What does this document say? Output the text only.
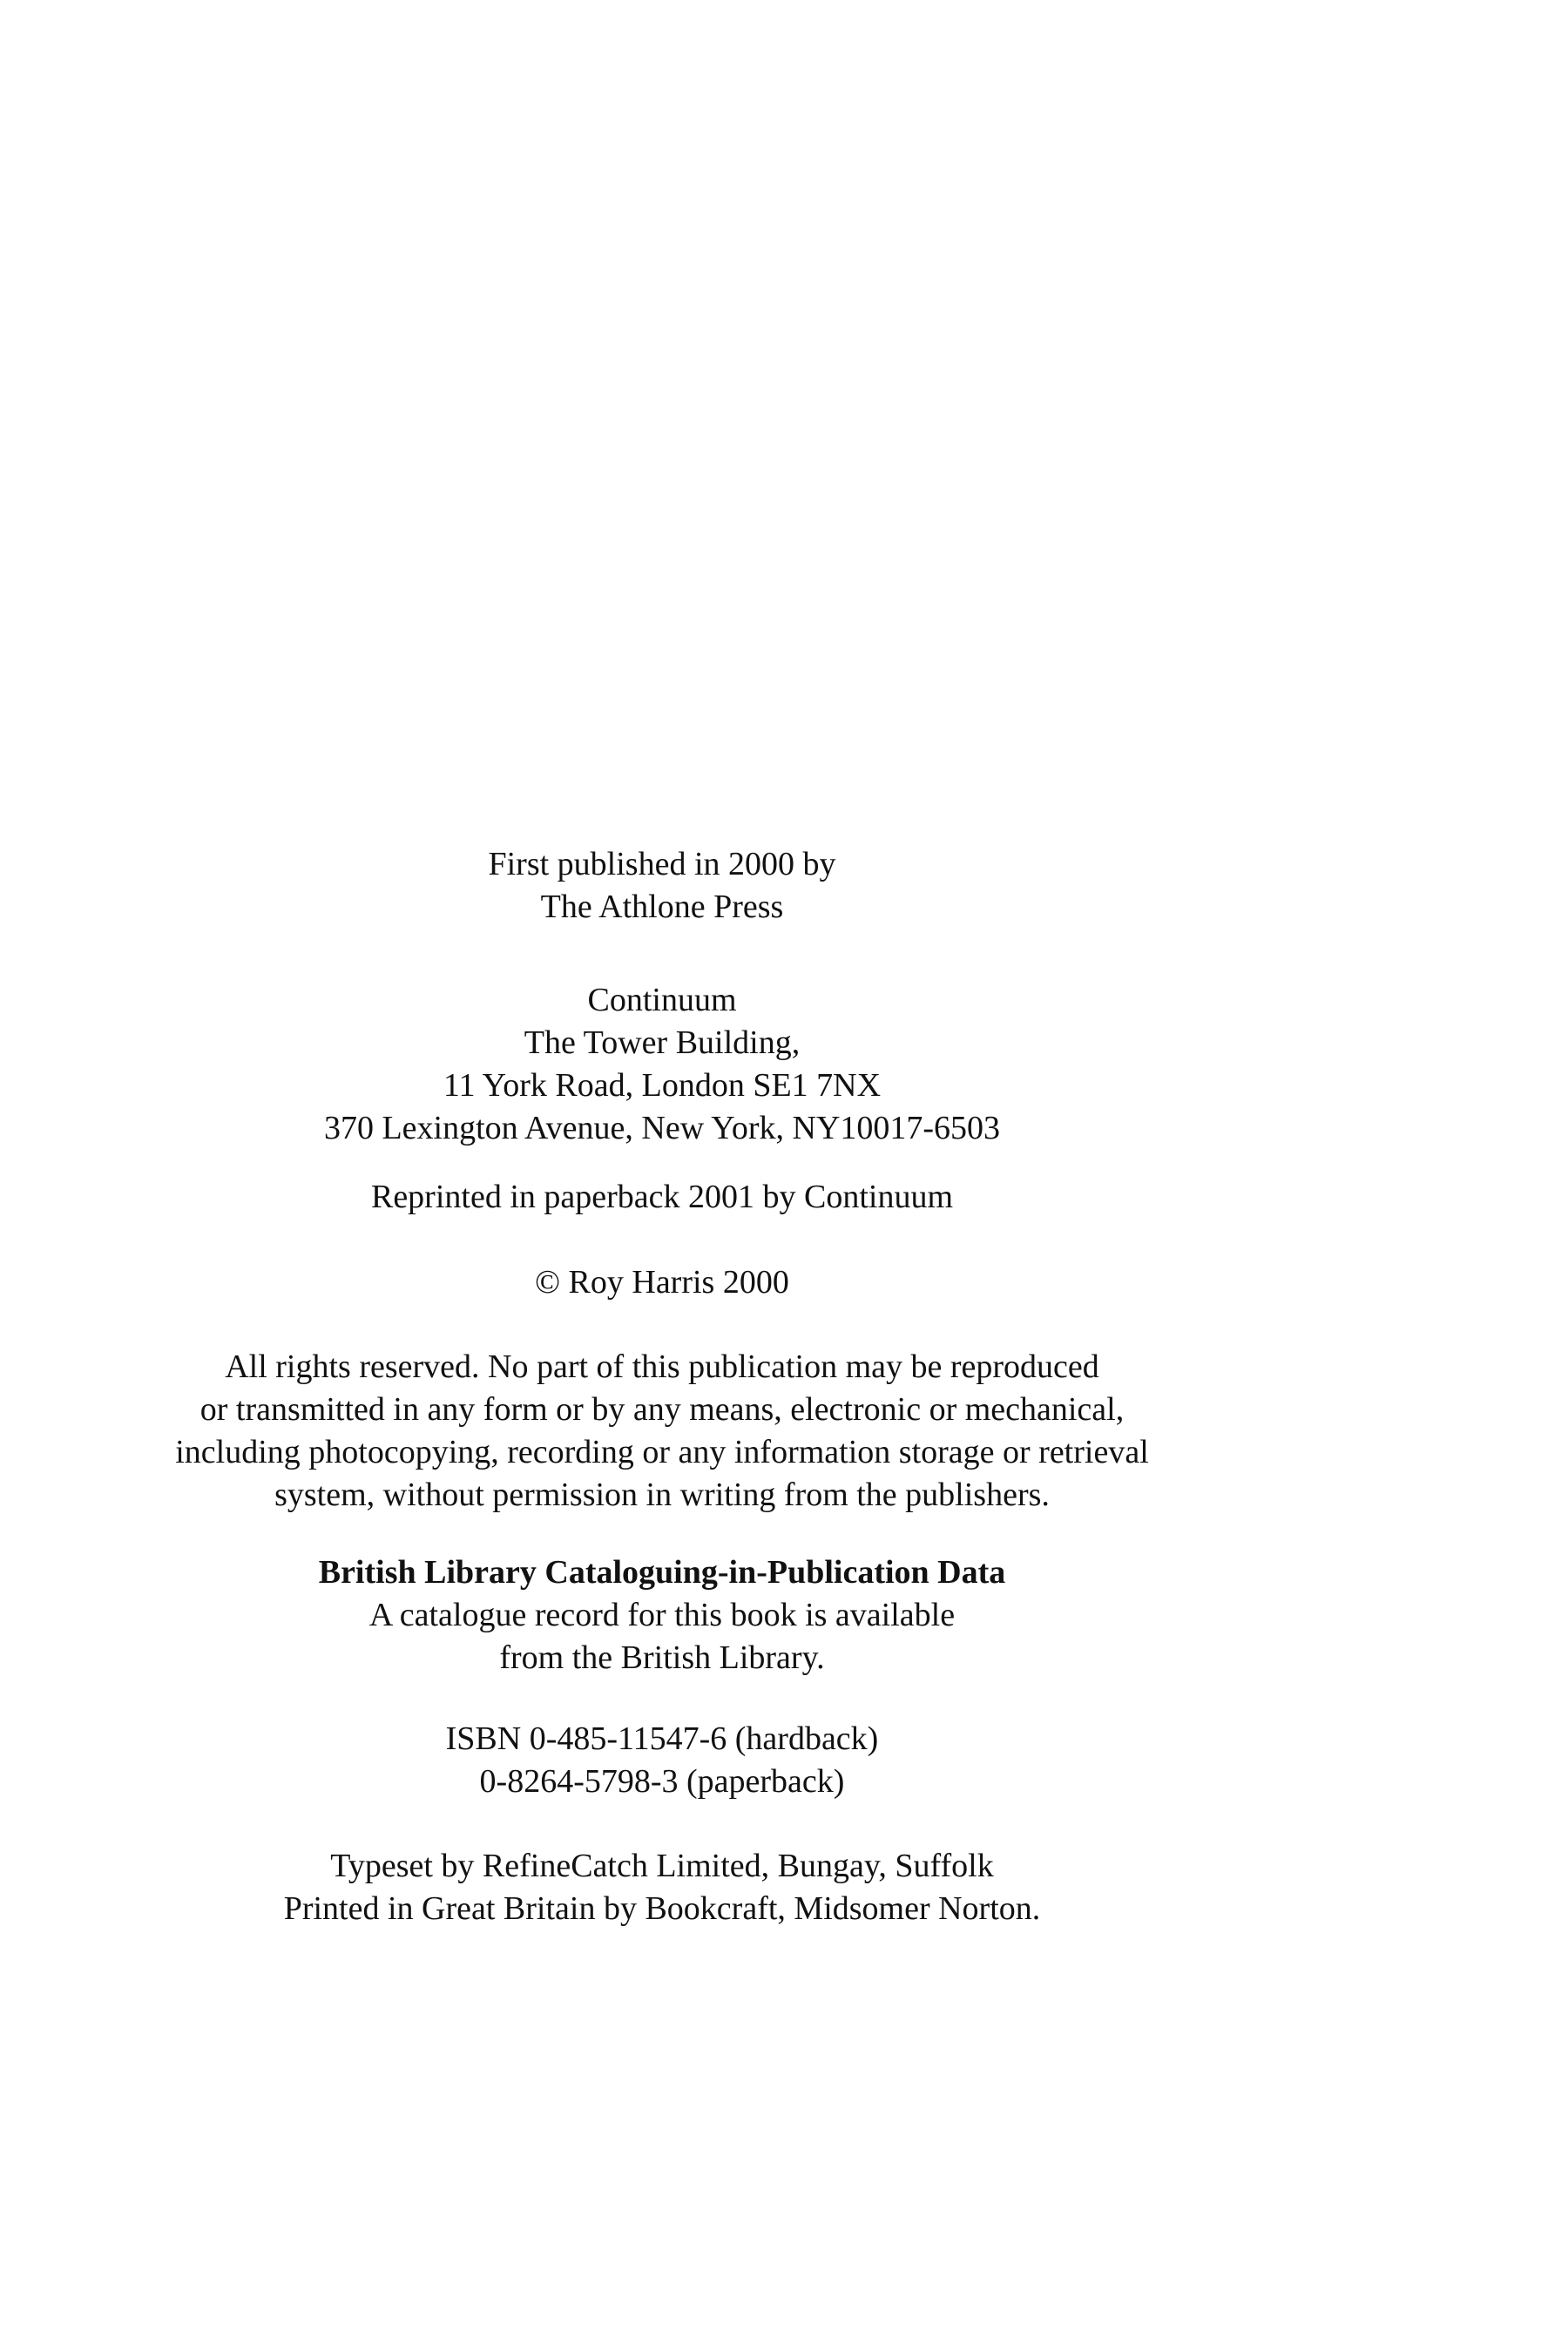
First published in 2000 by
The Athlone Press
Continuum
The Tower Building,
11 York Road, London SE1 7NX
370 Lexington Avenue, New York, NY10017-6503
Reprinted in paperback 2001 by Continuum
© Roy Harris 2000
All rights reserved. No part of this publication may be reproduced
or transmitted in any form or by any means, electronic or mechanical,
including photocopying, recording or any information storage or retrieval
system, without permission in writing from the publishers.
British Library Cataloguing-in-Publication Data
A catalogue record for this book is available
from the British Library.
ISBN 0-485-11547-6 (hardback)
0-8264-5798-3 (paperback)
Typeset by RefineCatch Limited, Bungay, Suffolk
Printed in Great Britain by Bookcraft, Midsomer Norton.
